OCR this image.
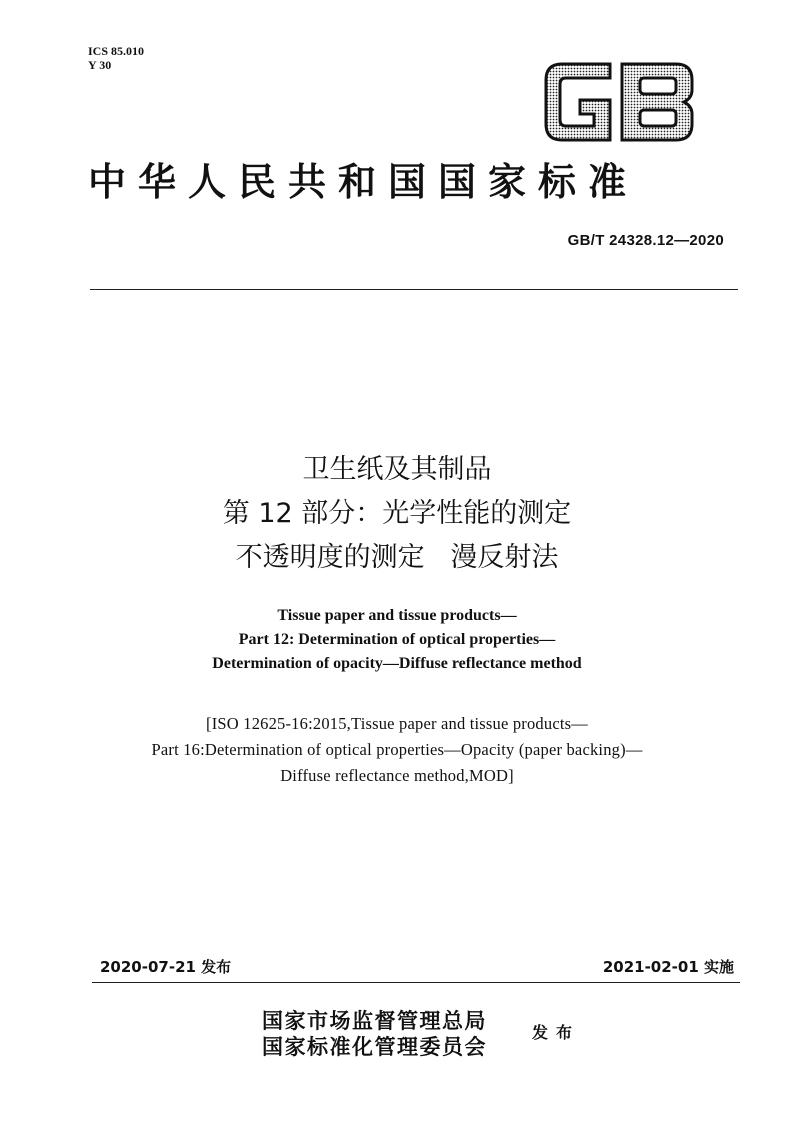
ICS 85.010
Y 30
中华人民共和国国家标准
GB/T 24328.12—2020
卫生纸及其制品
第 12 部分：光学性能的测定
不透明度的测定   漫反射法
Tissue paper and tissue products—
Part 12: Determination of optical properties—
Determination of opacity—Diffuse reflectance method
[ISO 12625-16:2015,Tissue paper and tissue products—
Part 16:Determination of optical properties—Opacity (paper backing)—
Diffuse reflectance method,MOD]
2020-07-21 发布	2021-02-01 实施
国家市场监督管理总局
国家标准化管理委员会
发布
